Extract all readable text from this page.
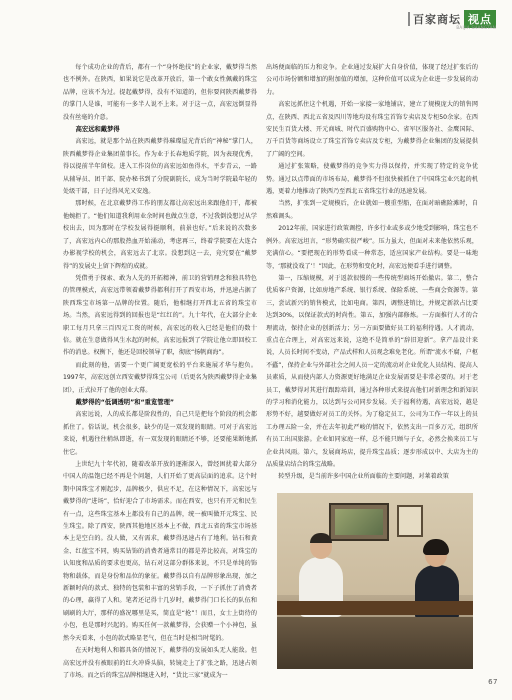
百家商坛 视点
BAIJIA SHANGTAN

每个成功企业的背后，都有一个“身怀绝技”的企业家，戴梦得当然也不例外。在陕西，如果说它是改革开放后，第一个敢女性佩戴的珠宝品牌，应该不为过。提起戴梦得，没有不知道的，但你要问陕西戴梦得的掌门人是谁，可能有一多半人说不上来。对于这一点，高宏远倒显得没有丝毫的介意。

高宏远和戴梦得

高宏远，就是那个站在陕西戴梦得璀璨屋光背后的“神秘”掌门人，陕西戴梦得企业集团董事长。作为业于长春地质学院，因为表现优秀，得以提前半年留校。进入工作岗位的高宏远如鱼得水，平步青云，一路从辅导员、团干部、院办秘书到了分院副院长，成为当时学院最年轻的处级干部，日子过得风光又安逸。

那时候，在北京戴梦得工作的朋友都让高宏远出来跟他们干，都被他婉拒了。“他们知道我利用业余时间也做点生意，不过我倒没想过从学校出去，因为那时在学校发展得挺顺利，前景也好。”后来说的次数多了，高宏远内心的那股热血开始涌动，考虑再三，终着学院要在大连合办影视学校的机会，高宏远去了北京。没想到这一去，竟究要在“戴梦得”的发展史上留下辉煌的成就。

凭借勇于探索、敢为人先的开拓精神，前卫的营销理念和独具特色的管理模式，高宏远带领着戴梦得都利打开了西安市场，并迅速占据了陕西珠宝市场第一品牌的位置。随后，他相继打开西北五省的珠宝市场。当然，高宏远得到的回报也是“红红的”。九十年代，在大部分企业职工每月只拿三百四元工资的时候，高宏远的收入已经是他们的数十倍。就在生意做得风生水起的时候，高宏远报到了学院让他立即回校工作的消息。权衡下，他还是回校领导了职，彻底“扬帆商海”。

而此刻的他，需要一个更广阔更宽松的平台来施展才华与抱负。1997年，高宏远创立西安戴梦得珠宝公司（后更名为陕西戴梦得企业集团），正式拉开了他的创业大幕。

戴梦得的“低调透明”和“重览管理”

高宏远说，人的成长都是阶段性的，自己只是把每个阶段的机会都抓住了。俗话说，机会很多，缺少的是一双发现的眼睛。可对于高宏远来说，机遇往往稍纵即逝，有一双发现的眼睛还不够，还要能果断地抓住它。

上世纪九十年代初，随着改革开放的逐渐深入，曾经困扰着大部分中国人的温饱已经不再是个问题，人们开始了更高层面的追求。这个时期中国珠宝才刚起步，品牌极少，供应不足，在这种情况下，高宏远与戴梦得的“进场”，恰好迎合了市场需求。而在西安，也只有开元和民生有一点，这些珠宝基本上都没有自己的品牌，统一被叫做开元珠宝、民生珠宝。除了西安，陕西其他地区基本上不做，西北五省的珠宝市场基本上是空白的。没人做，又有需求，戴梦得迅速占有了地利。钻石和黄金、红蓝宝不同，购买钻饰的消费者通常目的都是养比较高，对珠宝的认知度和品质的要求也更高，钻石对这部分群体来说，不只是单纯的饰物和载体，而是身份和品位的象征。戴梦得以自有品牌形象出现，加之新颖时尚的款式、独特的包装和丰富的营销手段，一下子抓住了消费者的心理，赢得了人和。笔者还记得十几岁时，戴梦得门口长长的队伍和刷刷的大厅，那样的盛况哪里是买，简直是“抢”！而且，女士上街待的小包，也是那时兴起的。购买任何一款戴梦得，会获赠一个小神包，虽然今天看来，小包的款式略显老气，但在当时是相当时髦的。

在天时地利人和都具备的情况下，戴梦得的发展如头无人能敌。但高宏远并没有被眼前的红火冲昏头脑，转镜走上了扩张之路，迅速占领了市场。而之后的珠宝品牌相继进入时，“货比三家”就成为一

出场便面临的压力和竞争。企业通过发展扩大自身价值，体现了经过扩张后的公司市场份额和增加的附加值的增加，这种价值可以成为企业进一步发展的动力。

高宏远抓住这个机遇，开始一家接一家地铺店，建立了规模庞大的销售网点，在陕西、西北五省及四川等地均设有珠宝首饰专卖店及专柜50余家。在西安民生百货大楼、开元商城、时代百盛购物中心、省军区服务社、金鹰国际、万千百货等商场设立了珠宝首饰专卖店及专柜，为戴梦得企业集团的发展提供了广阔的空间。

通过扩张策略，使戴梦得的竞争实力得以保持，并实现了特定的竞争优势。通过以点带面的市场布局，戴梦得不但很快被抓住了中国珠宝业兴起的机遇，更着力地推动了陕西乃至西北五省珠宝行业的迅速发展。

当然，扩张到一定规模后，企业就如一艘重型船，在面对暗礁险滩时，自然难调头。

2012年前，国家进行政策调控，许多行业或多或少地受到影响，珠宝也不例外。高宏远坦言，“形势确实很严峻”。压力虽大，但面对未来他依然乐观，充满信心。“要把现在的形势看成一种常态，适应国家产业结构。要是一味地等，‘那就没戏了’！”因此，在形势和变化时，高宏远便看手进行调整。

第一，压缩规模，对于返款很慢的一些传统型商场开始撤店。第二，整合优质客户资源，比如房地产系统、银行系统、保险系统、一些商会资源等。第三，尝试新兴的销售模式，比如电商。第四，调整进销比，并规定新款占比要达到30%，以保证款式的时尚性。第五，加强内部修炼。一方面推行人才的合理流动，保持企业的创新活力；另一方面要做好员工的福利待遇。人才流动，重点在合理上，对高宏远来说，这绝不是简单的“辞旧迎新”。拿产品设计来说，人员长时间不变动，产品式样和人员观念难免老化。所谓“流水不腐，户枢不蠹”，保持企业与外部社会之间人员一定的流动对企业优化人员结构、提高人员素质，从而使内部人力资源更好地满足企业发展需要是非常必要的。对于老员工，戴梦得对其进行跟踪培训，通过各种形式来提高他们对新理念和新知识的学习和消化能力，以达到与公司同步发展。关于福利待遇，高宏远说，越是形势不好，越要做好对员工的关怀。为了稳定员工，公司为工作一年以上的员工办理五险一金，并在去年初此严峻的情况下，依然支出一百多万元，组织所有员工出国旅游。企业如同家庭一样，总不能只顾与子女，必然会换来员工与企业共风雨。第六，发展商场店，提升珠宝品质；逐步形成以中、大店为主的品质量店结合的珠宝战略。

转型升级，是当前许多中国企业所面临的主要问题，对莱着政策

67
